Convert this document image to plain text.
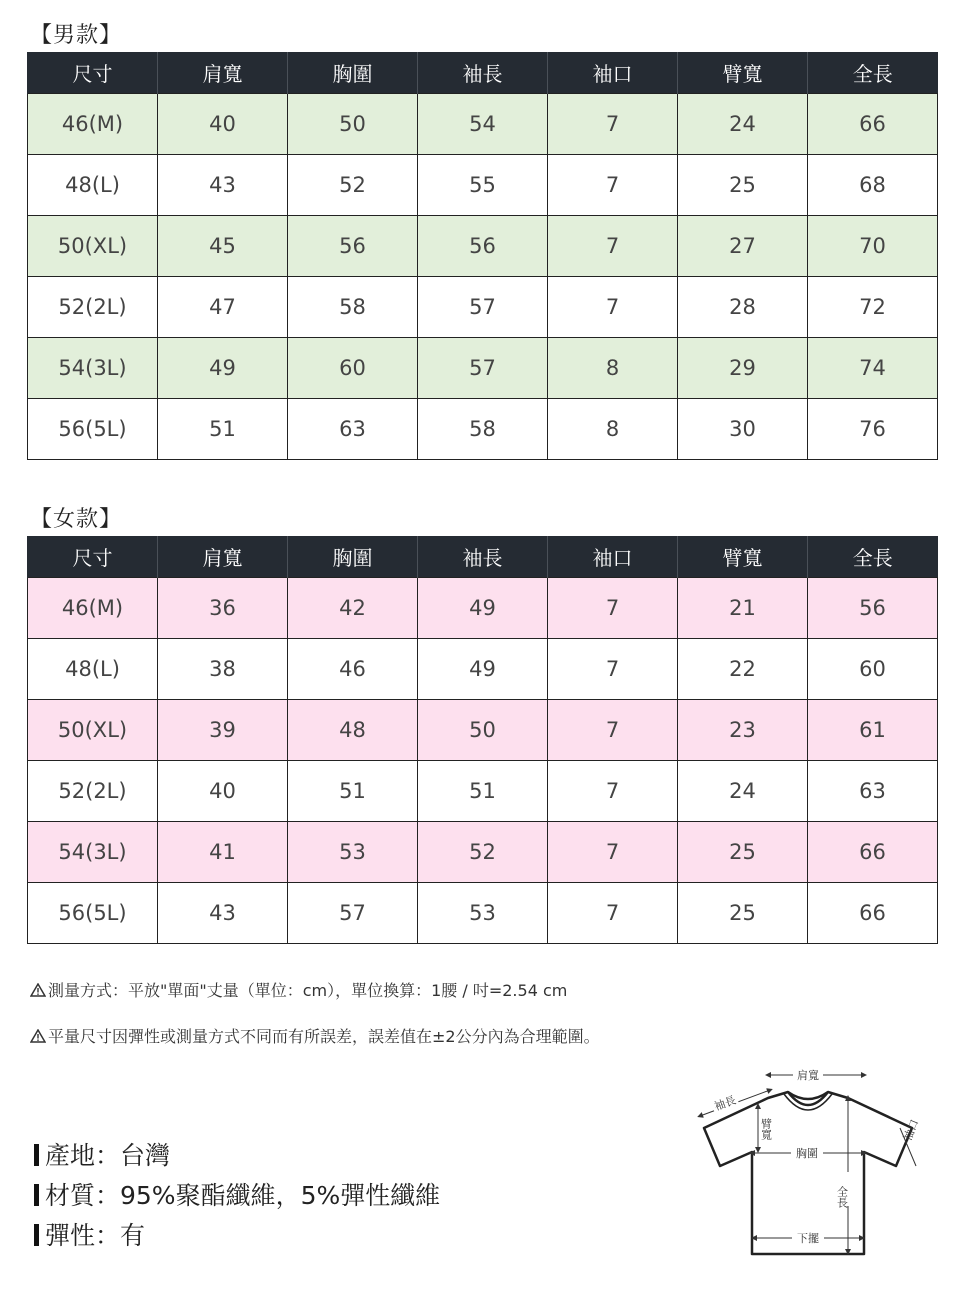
【男款】
尺寸	肩寬	胸圍	袖長	袖口	臂寬	全長
46(M)	40	50	54	7	24	66
48(L)	43	52	55	7	25	68
50(XL)	45	56	56	7	27	70
52(2L)	47	58	57	7	28	72
54(3L)	49	60	57	8	29	74
56(5L)	51	63	58	8	30	76
【女款】
尺寸	肩寬	胸圍	袖長	袖口	臂寬	全長
46(M)	36	42	49	7	21	56
48(L)	38	46	49	7	22	60
50(XL)	39	48	50	7	23	61
52(2L)	40	51	51	7	24	63
54(3L)	41	53	52	7	25	66
56(5L)	43	57	53	7	25	66
測量方式：平放"單面"丈量（單位：cm），單位換算：1腰 / 吋=2.54 cm
平量尺寸因彈性或測量方式不同而有所誤差，誤差值在±2公分內為合理範圍。
產地：台灣
材質：95%聚酯纖維，5%彈性纖維
彈性：有
肩寬
袖長
臂寬
胸圍
袖口
全長
下擺
